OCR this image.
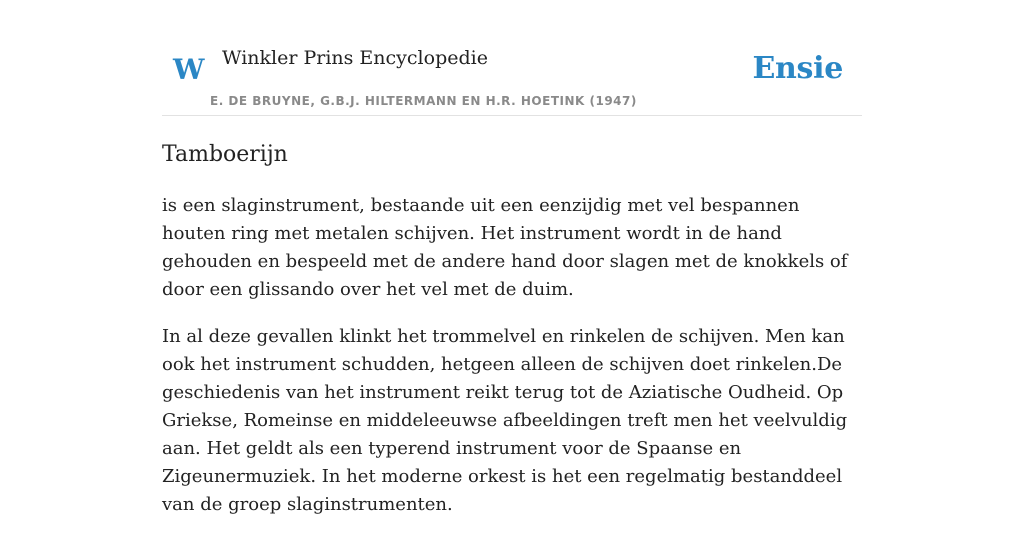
W Winkler Prins Encyclopedie
E. DE BRUYNE, G.B.J. HILTERMANN EN H.R. HOETINK (1947)
Ensie
Tamboerijn

is een slaginstrument, bestaande uit een eenzijdig met vel bespannen houten ring met metalen schijven. Het instrument wordt in de hand gehouden en bespeeld met de andere hand door slagen met de knokkels of door een glissando over het vel met de duim.

In al deze gevallen klinkt het trommelvel en rinkelen de schijven. Men kan ook het instrument schudden, hetgeen alleen de schijven doet rinkelen.De geschiedenis van het instrument reikt terug tot de Aziatische Oudheid. Op Griekse, Romeinse en middeleeuwse afbeeldingen treft men het veelvuldig aan. Het geldt als een typerend instrument voor de Spaanse en Zigeunermuziek. In het moderne orkest is het een regelmatig bestanddeel van de groep slaginstrumenten.
